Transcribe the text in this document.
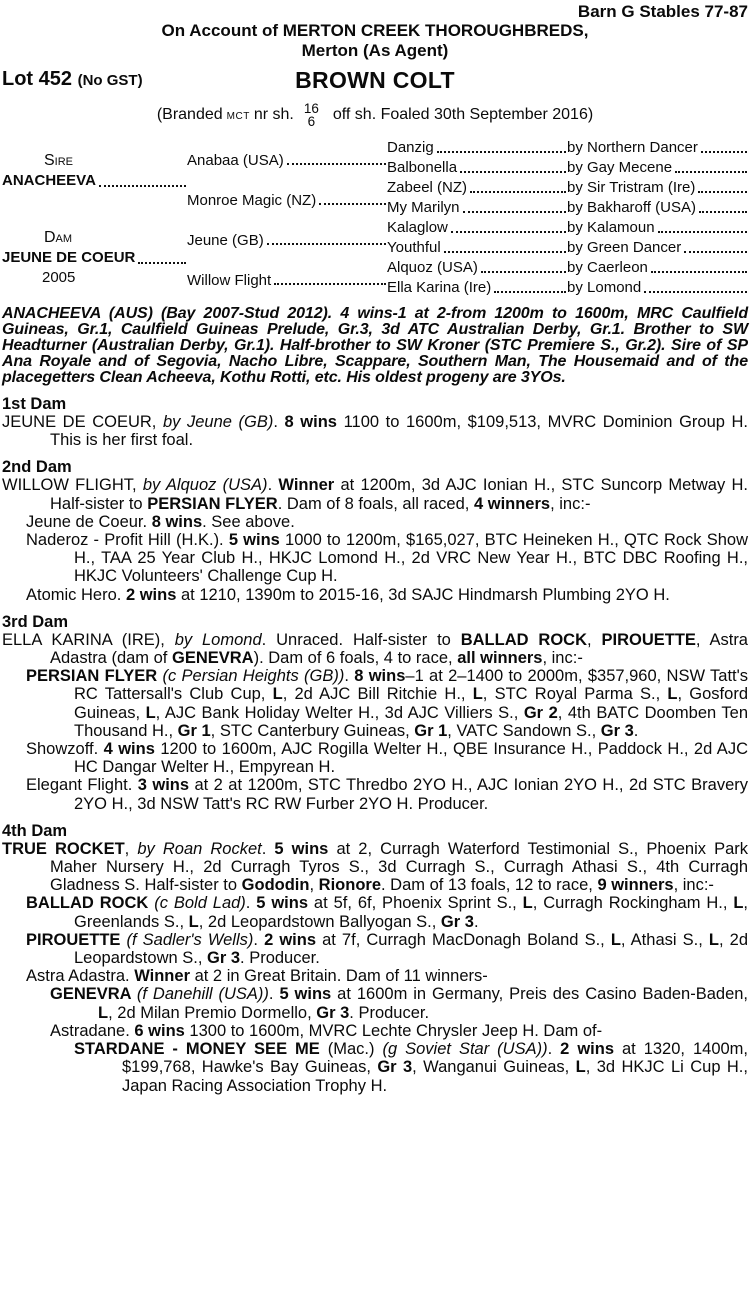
Barn G Stables 77-87
On Account of MERTON CREEK THOROUGHBREDS,
Merton (As Agent)
Lot 452 (No GST)	BROWN COLT
(Branded MCT nr sh. 16
6 off sh. Foaled 30th September 2016)
Sire
ANACHEEVA
Dam
JEUNE DE COEUR
2005
Anabaa (USA)
Monroe Magic (NZ)
Jeune (GB)
Willow Flight
Danzig
Balbonella
Zabeel (NZ)
My Marilyn
Kalaglow
Youthful
Alquoz (USA)
Ella Karina (Ire)
by Northern Dancer
by Gay Mecene
by Sir Tristram (Ire)
by Bakharoff (USA)
by Kalamoun
by Green Dancer
by Caerleon
by Lomond

ANACHEEVA (AUS) (Bay 2007-Stud 2012). 4 wins-1 at 2-from 1200m to 1600m, MRC Caulfield Guineas, Gr.1, Caulfield Guineas Prelude, Gr.3, 3d ATC Australian Derby, Gr.1. Brother to SW Headturner (Australian Derby, Gr.1). Half-brother to SW Kroner (STC Premiere S., Gr.2). Sire of SP Ana Royale and of Segovia, Nacho Libre, Scappare, Southern Man, The Housemaid and of the placegetters Clean Acheeva, Kothu Rotti, etc. His oldest progeny are 3YOs.

1st Dam

JEUNE DE COEUR, by Jeune (GB). 8 wins 1100 to 1600m, $109,513, MVRC Dominion Group H. This is her first foal.

2nd Dam

WILLOW FLIGHT, by Alquoz (USA). Winner at 1200m, 3d AJC Ionian H., STC Suncorp Metway H. Half-sister to PERSIAN FLYER. Dam of 8 foals, all raced, 4 winners, inc:-

Jeune de Coeur. 8 wins. See above.

Naderoz - Profit Hill (H.K.). 5 wins 1000 to 1200m, $165,027, BTC Heineken H., QTC Rock Show H., TAA 25 Year Club H., HKJC Lomond H., 2d VRC New Year H., BTC DBC Roofing H., HKJC Volunteers' Challenge Cup H.

Atomic Hero. 2 wins at 1210, 1390m to 2015-16, 3d SAJC Hindmarsh Plumbing 2YO H.

3rd Dam

ELLA KARINA (IRE), by Lomond. Unraced. Half-sister to BALLAD ROCK, PIROUETTE, Astra Adastra (dam of GENEVRA). Dam of 6 foals, 4 to race, all winners, inc:-

PERSIAN FLYER (c Persian Heights (GB)). 8 wins–1 at 2–1400 to 2000m, $357,960, NSW Tatt's RC Tattersall's Club Cup, L, 2d AJC Bill Ritchie H., L, STC Royal Parma S., L, Gosford Guineas, L, AJC Bank Holiday Welter H., 3d AJC Villiers S., Gr 2, 4th BATC Doomben Ten Thousand H., Gr 1, STC Canterbury Guineas, Gr 1, VATC Sandown S., Gr 3.

Showzoff. 4 wins 1200 to 1600m, AJC Rogilla Welter H., QBE Insurance H., Paddock H., 2d AJC HC Dangar Welter H., Empyrean H.

Elegant Flight. 3 wins at 2 at 1200m, STC Thredbo 2YO H., AJC Ionian 2YO H., 2d STC Bravery 2YO H., 3d NSW Tatt's RC RW Furber 2YO H. Producer.

4th Dam

TRUE ROCKET, by Roan Rocket. 5 wins at 2, Curragh Waterford Testimonial S., Phoenix Park Maher Nursery H., 2d Curragh Tyros S., 3d Curragh S., Curragh Athasi S., 4th Curragh Gladness S. Half-sister to Gododin, Rionore. Dam of 13 foals, 12 to race, 9 winners, inc:-

BALLAD ROCK (c Bold Lad). 5 wins at 5f, 6f, Phoenix Sprint S., L, Curragh Rockingham H., L, Greenlands S., L, 2d Leopardstown Ballyogan S., Gr 3.

PIROUETTE (f Sadler's Wells). 2 wins at 7f, Curragh MacDonagh Boland S., L, Athasi S., L, 2d Leopardstown S., Gr 3. Producer.

Astra Adastra. Winner at 2 in Great Britain. Dam of 11 winners-

GENEVRA (f Danehill (USA)). 5 wins at 1600m in Germany, Preis des Casino Baden-Baden, L, 2d Milan Premio Dormello, Gr 3. Producer.

Astradane. 6 wins 1300 to 1600m, MVRC Lechte Chrysler Jeep H. Dam of-

STARDANE - MONEY SEE ME (Mac.) (g Soviet Star (USA)). 2 wins at 1320, 1400m, $199,768, Hawke's Bay Guineas, Gr 3, Wanganui Guineas, L, 3d HKJC Li Cup H., Japan Racing Association Trophy H.
